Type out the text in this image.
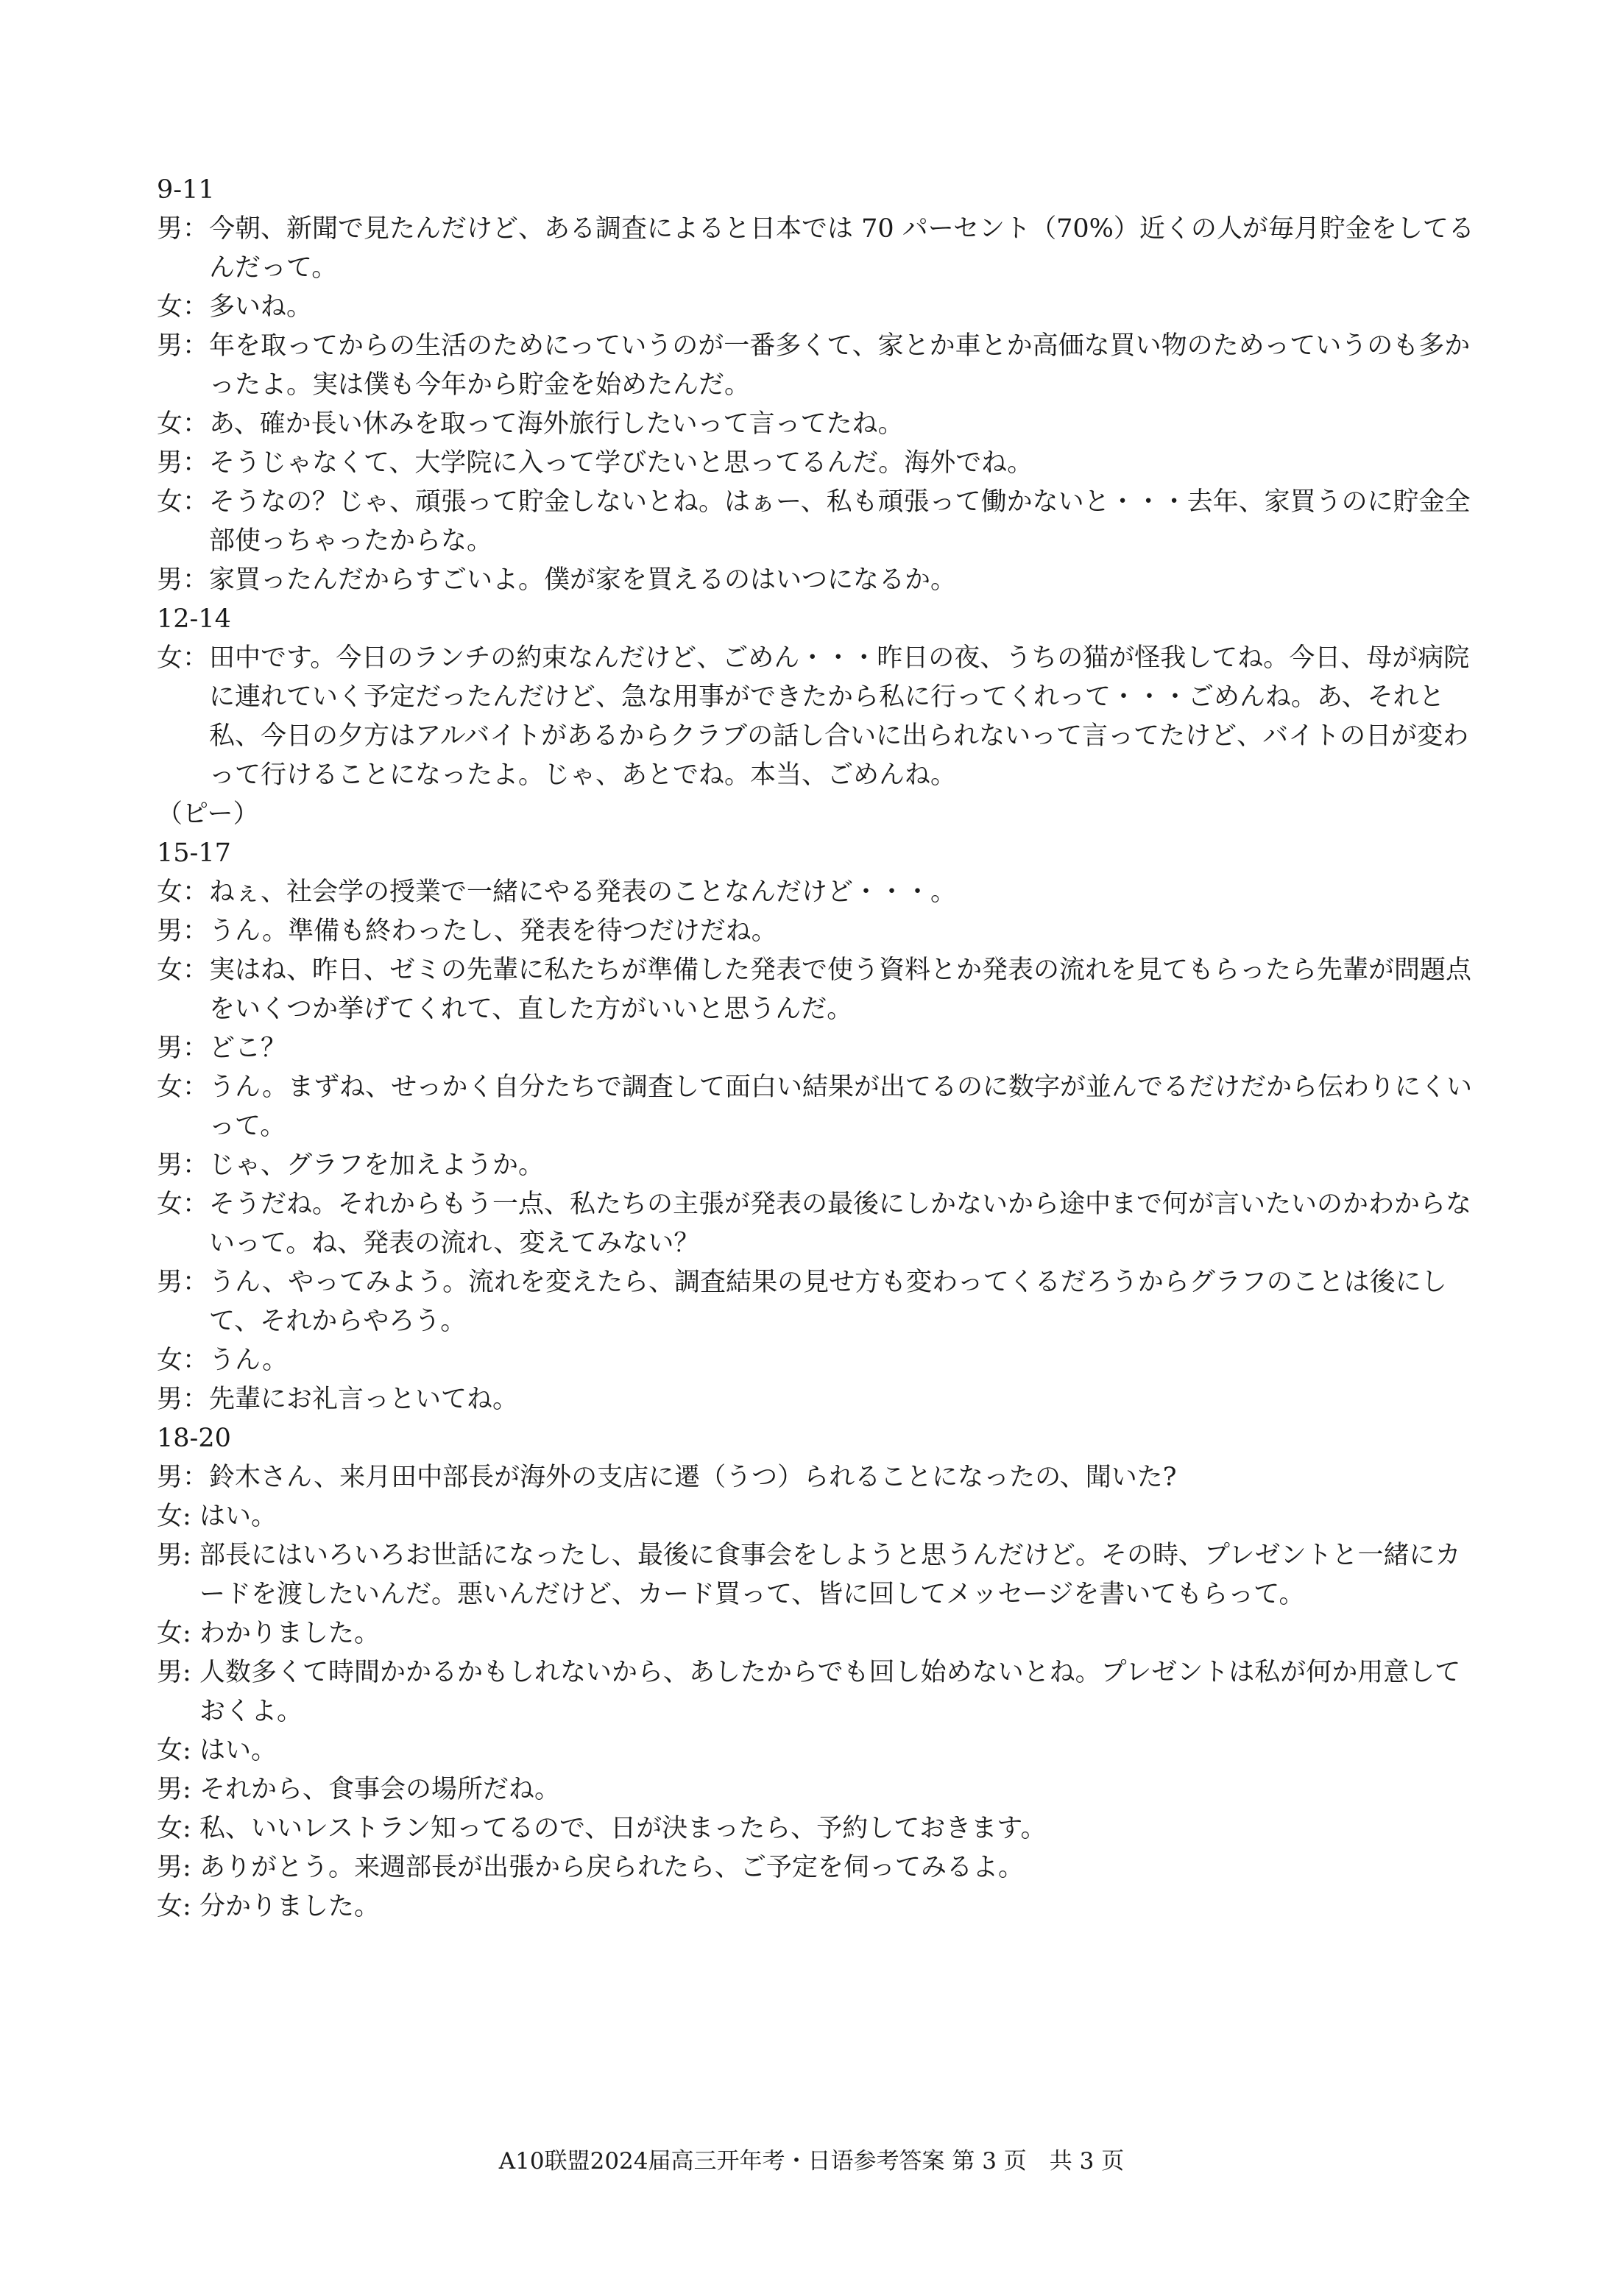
9-11
男： 今朝、新聞で見たんだけど、ある調査によると日本では 70 パーセント（70%）近くの人が毎月貯金をしてるんだって。
女： 多いね。
男： 年を取ってからの生活のためにっていうのが一番多くて、家とか車とか高価な買い物のためっていうのも多かったよ。実は僕も今年から貯金を始めたんだ。
女： あ、確か長い休みを取って海外旅行したいって言ってたね。
男： そうじゃなくて、大学院に入って学びたいと思ってるんだ。海外でね。
女： そうなの？じゃ、頑張って貯金しないとね。はぁー、私も頑張って働かないと・・・去年、家買うのに貯金全部使っちゃったからな。
男： 家買ったんだからすごいよ。僕が家を買えるのはいつになるか。
12-14
女： 田中です。今日のランチの約束なんだけど、ごめん・・・昨日の夜、うちの猫が怪我してね。今日、母が病院に連れていく予定だったんだけど、急な用事ができたから私に行ってくれって・・・ごめんね。あ、それと私、今日の夕方はアルバイトがあるからクラブの話し合いに出られないって言ってたけど、バイトの日が変わって行けることになったよ。じゃ、あとでね。本当、ごめんね。
（ピー）
15-17
女： ねぇ、社会学の授業で一緒にやる発表のことなんだけど・・・。
男： うん。準備も終わったし、発表を待つだけだね。
女： 実はね、昨日、ゼミの先輩に私たちが準備した発表で使う資料とか発表の流れを見てもらったら先輩が問題点をいくつか挙げてくれて、直した方がいいと思うんだ。
男： どこ？
女： うん。まずね、せっかく自分たちで調査して面白い結果が出てるのに数字が並んでるだけだから伝わりにくいって。
男： じゃ、グラフを加えようか。
女： そうだね。それからもう一点、私たちの主張が発表の最後にしかないから途中まで何が言いたいのかわからないって。ね、発表の流れ、変えてみない？
男： うん、やってみよう。流れを変えたら、調査結果の見せ方も変わってくるだろうからグラフのことは後にして、それからやろう。
女： うん。
男： 先輩にお礼言っといてね。
18-20
男： 鈴木さん、来月田中部長が海外の支店に遷（うつ）られることになったの、聞いた?
女: はい。
男: 部長にはいろいろお世話になったし、最後に食事会をしようと思うんだけど。その時、プレゼントと一緒にカードを渡したいんだ。悪いんだけど、カード買って、皆に回してメッセージを書いてもらって。
女: わかりました。
男: 人数多くて時間かかるかもしれないから、あしたからでも回し始めないとね。プレゼントは私が何か用意しておくよ。
女: はい。
男: それから、食事会の場所だね。
女: 私、いいレストラン知ってるので、日が決まったら、予約しておきます。
男: ありがとう。来週部長が出張から戻られたら、ご予定を伺ってみるよ。
女: 分かりました。
A10联盟2024届高三开年考・日语参考答案 第 3 页　共 3 页
